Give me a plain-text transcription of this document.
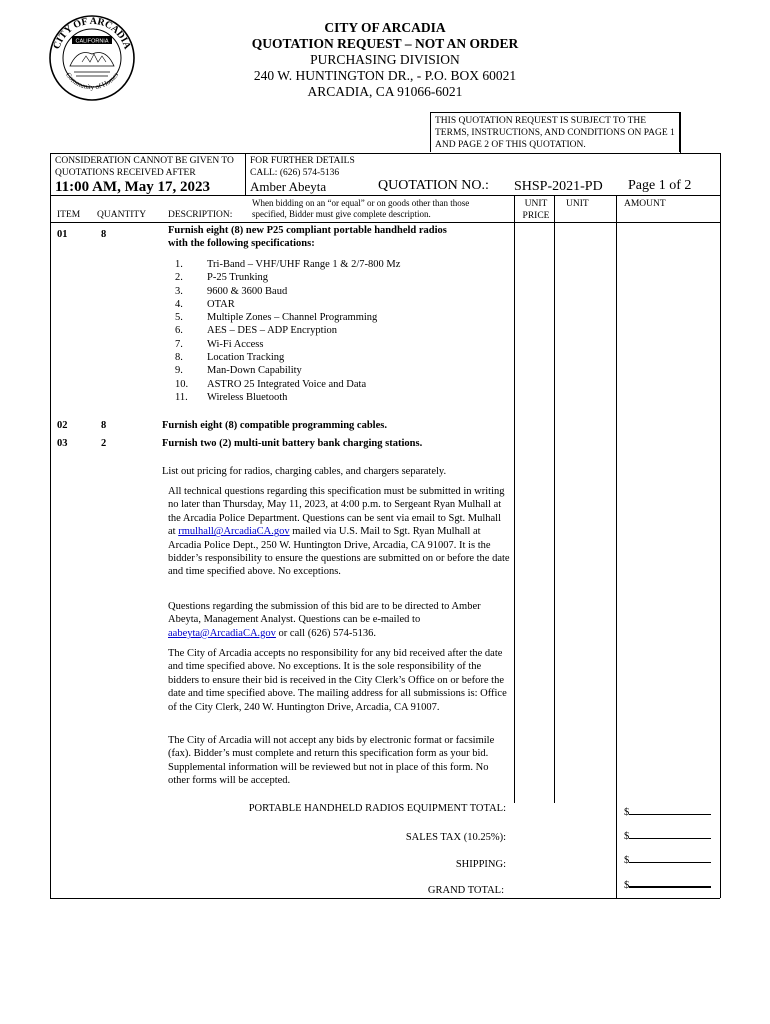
CITY OF ARCADIA
Community of Homes
CALIFORNIA
CITY OF ARCADIA
QUOTATION REQUEST – NOT AN ORDER
PURCHASING DIVISION
240 W. HUNTINGTON DR., - P.O. BOX 60021
ARCADIA, CA 91066-6021
THIS QUOTATION REQUEST IS SUBJECT TO THE TERMS, INSTRUCTIONS, AND CONDITIONS ON PAGE 1 AND PAGE 2 OF THIS QUOTATION.
CONSIDERATION CANNOT BE GIVEN TO QUOTATIONS RECEIVED AFTER
11:00 AM, May 17, 2023
FOR FURTHER DETAILS
CALL: (626) 574-5136
Amber Abeyta	QUOTATION NO.: SHSP-2021-PD Page 1 of 2
ITEM QUANTITY DESCRIPTION:
When bidding on an “or equal” or on goods other than those specified, Bidder must give complete description.
UNIT PRICE
UNIT	AMOUNT
01	8	Furnish eight (8) new P25 compliant portable handheld radios with the following specifications:
1. Tri-Band – VHF/UHF Range 1 & 2/7-800 Mz
2. P-25 Trunking
3. 9600 & 3600 Baud
4. OTAR
5. Multiple Zones – Channel Programming
6. AES – DES – ADP Encryption
7. Wi-Fi Access
8. Location Tracking
9. Man-Down Capability
10. ASTRO 25 Integrated Voice and Data
11. Wireless Bluetooth
02	8	Furnish eight (8) compatible programming cables.
03	2	Furnish two (2) multi-unit battery bank charging stations.
List out pricing for radios, charging cables, and chargers separately.
All technical questions regarding this specification must be submitted in writing no later than Thursday, May 11, 2023, at 4:00 p.m. to Sergeant Ryan Mulhall at the Arcadia Police Department. Questions can be sent via email to Sgt. Mulhall at rmulhall@ArcadiaCA.gov mailed via U.S. Mail to Sgt. Ryan Mulhall at Arcadia Police Dept., 250 W. Huntington Drive, Arcadia, CA 91007. It is the bidder’s responsibility to ensure the questions are submitted on or before the date and time specified above. No exceptions.
Questions regarding the submission of this bid are to be directed to Amber Abeyta, Management Analyst. Questions can be e-mailed to aabeyta@ArcadiaCA.gov or call (626) 574-5136.
The City of Arcadia accepts no responsibility for any bid received after the date and time specified above. No exceptions. It is the sole responsibility of the bidders to ensure their bid is received in the City Clerk’s Office on or before the date and time specified above. The mailing address for all submissions is: Office of the City Clerk, 240 W. Huntington Drive, Arcadia, CA 91007.
The City of Arcadia will not accept any bids by electronic format or facsimile (fax). Bidder’s must complete and return this specification form as your bid. Supplemental information will be reviewed but not in place of this form. No other forms will be accepted.
PORTABLE HANDHELD RADIOS EQUIPMENT TOTAL:	$
SALES TAX (10.25%):	$
SHIPPING:	$
GRAND TOTAL:	$
